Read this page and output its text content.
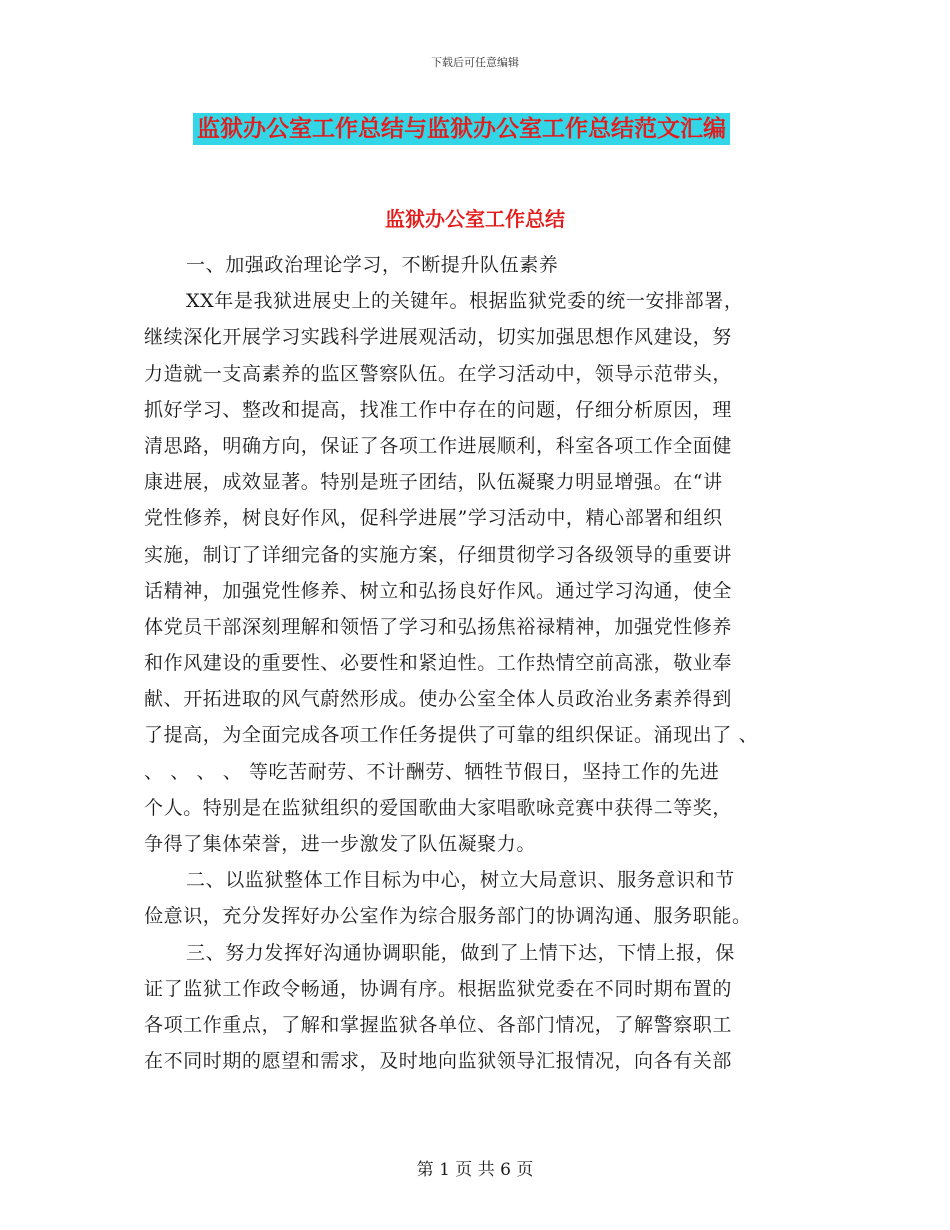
下载后可任意编辑
监狱办公室工作总结与监狱办公室工作总结范文汇编
监狱办公室工作总结
一、加强政治理论学习，不断提升队伍素养
XX年是我狱进展史上的关键年。根据监狱党委的统一安排部署，
继续深化开展学习实践科学进展观活动，切实加强思想作风建设，努
力造就一支高素养的监区警察队伍。在学习活动中，领导示范带头，
抓好学习、整改和提高，找准工作中存在的问题，仔细分析原因，理
清思路，明确方向，保证了各项工作进展顺利，科室各项工作全面健
康进展，成效显著。特别是班子团结，队伍凝聚力明显增强。在“讲
党性修养，树良好作风，促科学进展”学习活动中，精心部署和组织
实施，制订了详细完备的实施方案，仔细贯彻学习各级领导的重要讲
话精神，加强党性修养、树立和弘扬良好作风。通过学习沟通，使全
体党员干部深刻理解和领悟了学习和弘扬焦裕禄精神，加强党性修养
和作风建设的重要性、必要性和紧迫性。工作热情空前高涨，敬业奉
献、开拓进取的风气蔚然形成。使办公室全体人员政治业务素养得到
了提高，为全面完成各项工作任务提供了可靠的组织保证。涌现出了 、
、 、 、 、 等吃苦耐劳、不计酬劳、牺牲节假日，坚持工作的先进
个人。特别是在监狱组织的爱国歌曲大家唱歌咏竞赛中获得二等奖，
争得了集体荣誉，进一步激发了队伍凝聚力。
二、以监狱整体工作目标为中心，树立大局意识、服务意识和节
俭意识，充分发挥好办公室作为综合服务部门的协调沟通、服务职能。
三、努力发挥好沟通协调职能，做到了上情下达，下情上报，保
证了监狱工作政令畅通，协调有序。根据监狱党委在不同时期布置的
各项工作重点，了解和掌握监狱各单位、各部门情况，了解警察职工
在不同时期的愿望和需求，及时地向监狱领导汇报情况，向各有关部
第 1 页 共 6 页
